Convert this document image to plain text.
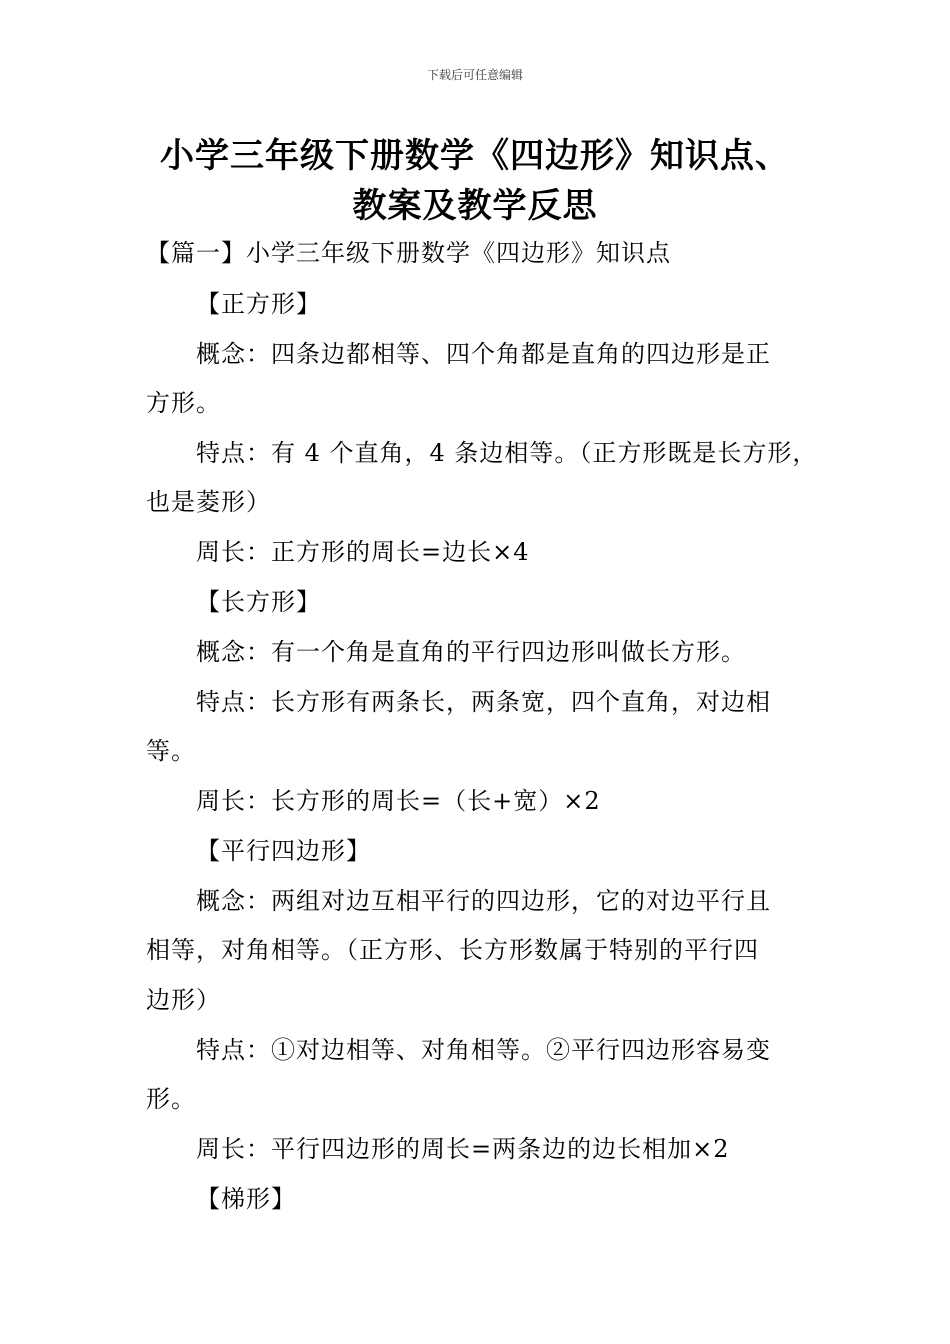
下载后可任意编辑
小学三年级下册数学《四边形》知识点、
教案及教学反思
【篇一】小学三年级下册数学《四边形》知识点
【正方形】
概念：四条边都相等、四个角都是直角的四边形是正
方形。
特点：有 4 个直角，4 条边相等。（正方形既是长方形，
也是菱形）
周长：正方形的周长=边长×4
【长方形】
概念：有一个角是直角的平行四边形叫做长方形。
特点：长方形有两条长，两条宽，四个直角，对边相
等。
周长：长方形的周长=（长+宽）×2
【平行四边形】
概念：两组对边互相平行的四边形，它的对边平行且
相等，对角相等。（正方形、长方形数属于特别的平行四
边形）
特点：①对边相等、对角相等。②平行四边形容易变
形。
周长：平行四边形的周长=两条边的边长相加×2
【梯形】
